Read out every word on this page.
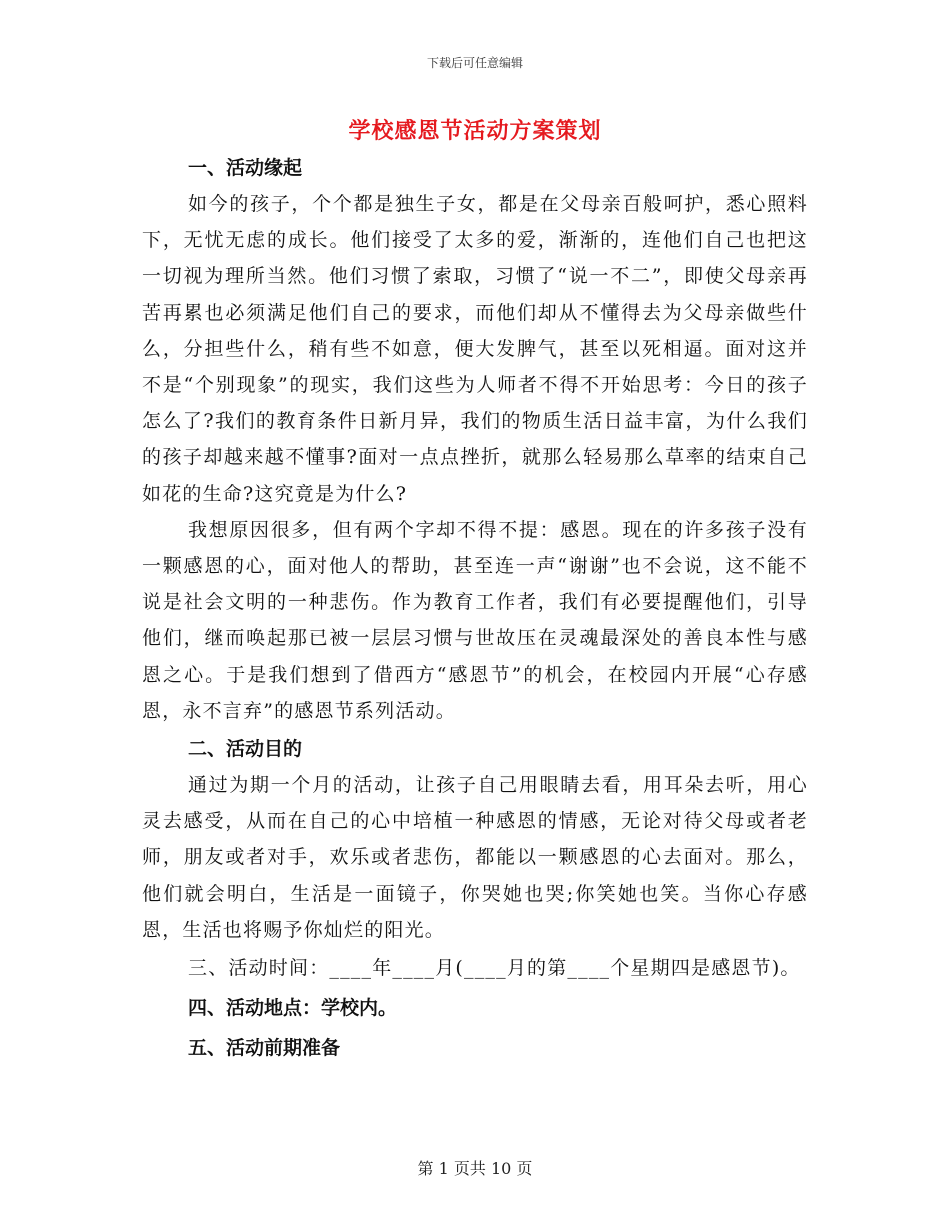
下载后可任意编辑
学校感恩节活动方案策划
一、活动缘起

如今的孩子，个个都是独生子女，都是在父母亲百般呵护，悉心照料下，无忧无虑的成长。他们接受了太多的爱，渐渐的，连他们自己也把这一切视为理所当然。他们习惯了索取，习惯了“说一不二”，即使父母亲再苦再累也必须满足他们自己的要求，而他们却从不懂得去为父母亲做些什么，分担些什么，稍有些不如意，便大发脾气，甚至以死相逼。面对这并不是“个别现象”的现实，我们这些为人师者不得不开始思考：今日的孩子怎么了?我们的教育条件日新月异，我们的物质生活日益丰富，为什么我们的孩子却越来越不懂事?面对一点点挫折，就那么轻易那么草率的结束自己如花的生命?这究竟是为什么?

我想原因很多，但有两个字却不得不提：感恩。现在的许多孩子没有一颗感恩的心，面对他人的帮助，甚至连一声“谢谢”也不会说，这不能不说是社会文明的一种悲伤。作为教育工作者，我们有必要提醒他们，引导他们，继而唤起那已被一层层习惯与世故压在灵魂最深处的善良本性与感恩之心。于是我们想到了借西方“感恩节”的机会，在校园内开展“心存感恩，永不言弃”的感恩节系列活动。

二、活动目的

通过为期一个月的活动，让孩子自己用眼睛去看，用耳朵去听，用心灵去感受，从而在自己的心中培植一种感恩的情感，无论对待父母或者老师，朋友或者对手，欢乐或者悲伤，都能以一颗感恩的心去面对。那么，他们就会明白，生活是一面镜子，你哭她也哭;你笑她也笑。当你心存感恩，生活也将赐予你灿烂的阳光。

三、活动时间：____年____月(____月的第____个星期四是感恩节)。

四、活动地点：学校内。
五、活动前期准备
第 1 页共 10 页
